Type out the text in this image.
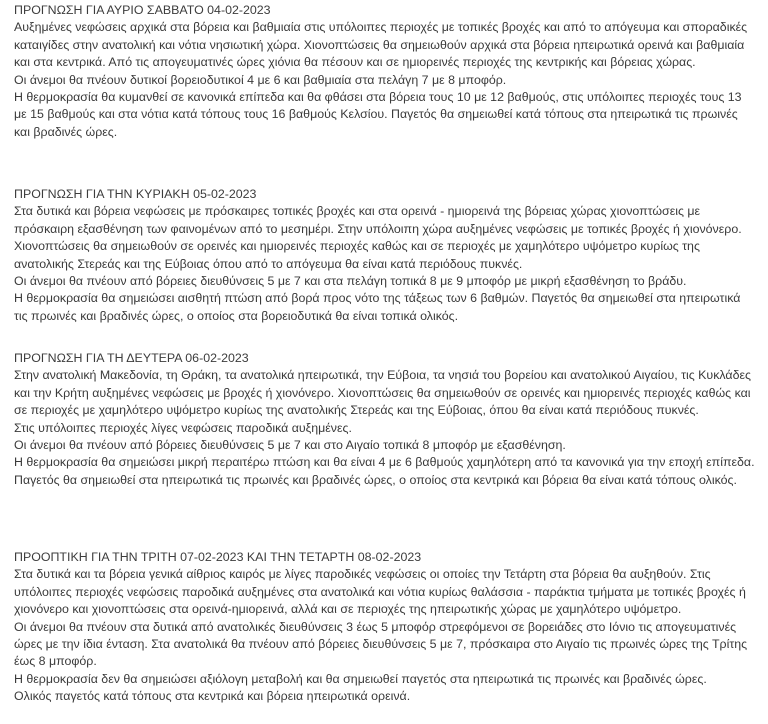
ΠΡΟΓΝΩΣΗ ΓΙΑ ΑΥΡΙΟ ΣΑΒΒΑΤΟ 04-02-2023
Αυξημένες νεφώσεις αρχικά στα βόρεια και βαθμιαία στις υπόλοιπες περιοχές με τοπικές βροχές και από το απόγευμα και σποραδικές καταιγίδες στην ανατολική και νότια νησιωτική χώρα. Χιονοπτώσεις θα σημειωθούν αρχικά στα βόρεια ηπειρωτικά ορεινά και βαθμιαία και στα κεντρικά. Από τις απογευματινές ώρες χιόνια θα πέσουν και σε ημιορεινές περιοχές της κεντρικής και βόρειας χώρας.
Οι άνεμοι θα πνέουν δυτικοί βορειοδυτικοί 4 με 6 και βαθμιαία στα πελάγη 7 με 8 μποφόρ.
Η θερμοκρασία θα κυμανθεί σε κανονικά επίπεδα και θα φθάσει στα βόρεια τους 10 με 12 βαθμούς, στις υπόλοιπες περιοχές τους 13 με 15 βαθμούς και στα νότια κατά τόπους τους 16 βαθμούς Κελσίου. Παγετός θα σημειωθεί κατά τόπους στα ηπειρωτικά τις πρωινές και βραδινές ώρες.
ΠΡΟΓΝΩΣΗ ΓΙΑ ΤΗΝ ΚΥΡΙΑΚΗ 05-02-2023
Στα δυτικά και βόρεια νεφώσεις με πρόσκαιρες τοπικές βροχές και στα ορεινά - ημιορεινά της βόρειας χώρας χιονοπτώσεις με πρόσκαιρη εξασθένηση των φαινομένων από το μεσημέρι. Στην υπόλοιπη χώρα αυξημένες νεφώσεις με τοπικές βροχές ή χιονόνερο. Χιονοπτώσεις θα σημειωθούν σε ορεινές και ημιορεινές περιοχές καθώς και σε περιοχές με χαμηλότερο υψόμετρο κυρίως της ανατολικής Στερεάς και της Εύβοιας όπου από το απόγευμα θα είναι κατά περιόδους πυκνές.
Οι άνεμοι θα πνέουν από βόρειες διευθύνσεις 5 με 7 και στα πελάγη τοπικά 8 με 9 μποφόρ με μικρή εξασθένηση το βράδυ.
Η θερμοκρασία θα σημειώσει αισθητή πτώση από βορά προς νότο της τάξεως των 6 βαθμών. Παγετός θα σημειωθεί στα ηπειρωτικά τις πρωινές και βραδινές ώρες, ο οποίος στα βορειοδυτικά θα είναι τοπικά ολικός.
ΠΡΟΓΝΩΣΗ ΓΙΑ ΤΗ ΔΕΥΤΕΡΑ 06-02-2023
Στην ανατολική Μακεδονία, τη Θράκη, τα ανατολικά ηπειρωτικά, την Εύβοια, τα νησιά του βορείου και ανατολικού Αιγαίου, τις Κυκλάδες και την Κρήτη αυξημένες νεφώσεις με βροχές ή χιονόνερο. Χιονοπτώσεις θα σημειωθούν σε ορεινές και ημιορεινές περιοχές καθώς και σε περιοχές με χαμηλότερο υψόμετρο κυρίως της ανατολικής Στερεάς και της Εύβοιας, όπου θα είναι κατά περιόδους πυκνές.
Στις υπόλοιπες περιοχές λίγες νεφώσεις παροδικά αυξημένες.
Οι άνεμοι θα πνέουν από βόρειες διευθύνσεις 5 με 7 και στο Αιγαίο τοπικά 8 μποφόρ με εξασθένηση.
Η θερμοκρασία θα σημειώσει μικρή περαιτέρω πτώση και θα είναι 4 με 6 βαθμούς χαμηλότερη από τα κανονικά για την εποχή επίπεδα. Παγετός θα σημειωθεί στα ηπειρωτικά τις πρωινές και βραδινές ώρες, ο οποίος στα κεντρικά και βόρεια θα είναι κατά τόπους ολικός.
ΠΡΟΟΠΤΙΚΗ ΓΙΑ ΤΗΝ ΤΡΙΤΗ 07-02-2023 ΚΑΙ ΤΗΝ ΤΕΤΑΡΤΗ 08-02-2023
Στα δυτικά και τα βόρεια γενικά αίθριος καιρός με λίγες παροδικές νεφώσεις οι οποίες την Τετάρτη στα βόρεια θα αυξηθούν. Στις υπόλοιπες περιοχές νεφώσεις παροδικά αυξημένες στα ανατολικά και νότια κυρίως θαλάσσια - παράκτια τμήματα με τοπικές βροχές ή χιονόνερο και χιονοπτώσεις στα ορεινά-ημιορεινά, αλλά και σε περιοχές της ηπειρωτικής χώρας με χαμηλότερο υψόμετρο.
Οι άνεμοι θα πνέουν στα δυτικά από ανατολικές διευθύνσεις 3 έως 5 μποφόρ στρεφόμενοι σε βορειάδες στο Ιόνιο τις απογευματινές ώρες με την ίδια ένταση. Στα ανατολικά θα πνέουν από βόρειες διευθύνσεις 5 με 7, πρόσκαιρα στο Αιγαίο τις πρωινές ώρες της Τρίτης έως 8 μποφόρ.
Η θερμοκρασία δεν θα σημειώσει αξιόλογη μεταβολή και θα σημειωθεί παγετός στα ηπειρωτικά τις πρωινές και βραδινές ώρες.
Ολικός παγετός κατά τόπους στα κεντρικά και βόρεια ηπειρωτικά ορεινά.
